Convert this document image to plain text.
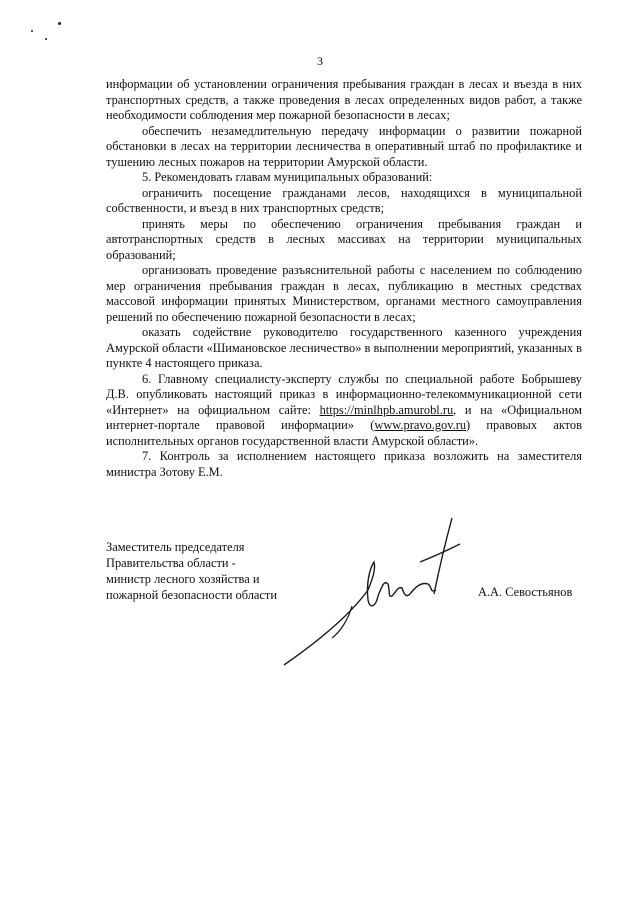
3

информации об установлении ограничения пребывания граждан в лесах и въезда в них транспортных средств, а также проведения в лесах определенных видов работ, а также необходимости соблюдения мер пожарной безопасности в лесах;

обеспечить незамедлительную передачу информации о развитии пожарной обстановки в лесах на территории лесничества в оперативный штаб по профилактике и тушению лесных пожаров на территории Амурской области.

5. Рекомендовать главам муниципальных образований:

ограничить посещение гражданами лесов, находящихся в муниципальной собственности, и въезд в них транспортных средств;

принять меры по обеспечению ограничения пребывания граждан и автотранспортных средств в лесных массивах на территории муниципальных образований;

организовать проведение разъяснительной работы с населением по соблюдению мер ограничения пребывания граждан в лесах, публикацию в местных средствах массовой информации принятых Министерством, органами местного самоуправления решений по обеспечению пожарной безопасности в лесах;

оказать содействие руководителю государственного казенного учреждения Амурской области «Шимановское лесничество» в выполнении мероприятий, указанных в пункте 4 настоящего приказа.

6. Главному специалисту-эксперту службы по специальной работе Бобрышеву Д.В. опубликовать настоящий приказ в информационно-телекоммуникационной сети «Интернет» на официальном сайте: https://minlhpb.amurobl.ru, и на «Официальном интернет-портале правовой информации» (www.pravo.gov.ru) правовых актов исполнительных органов государственной власти Амурской области».

7. Контроль за исполнением настоящего приказа возложить на заместителя министра Зотову Е.М.

Заместитель председателя
Правительства области -
министр лесного хозяйства и
пожарной безопасности области	А.А. Севостьянов
